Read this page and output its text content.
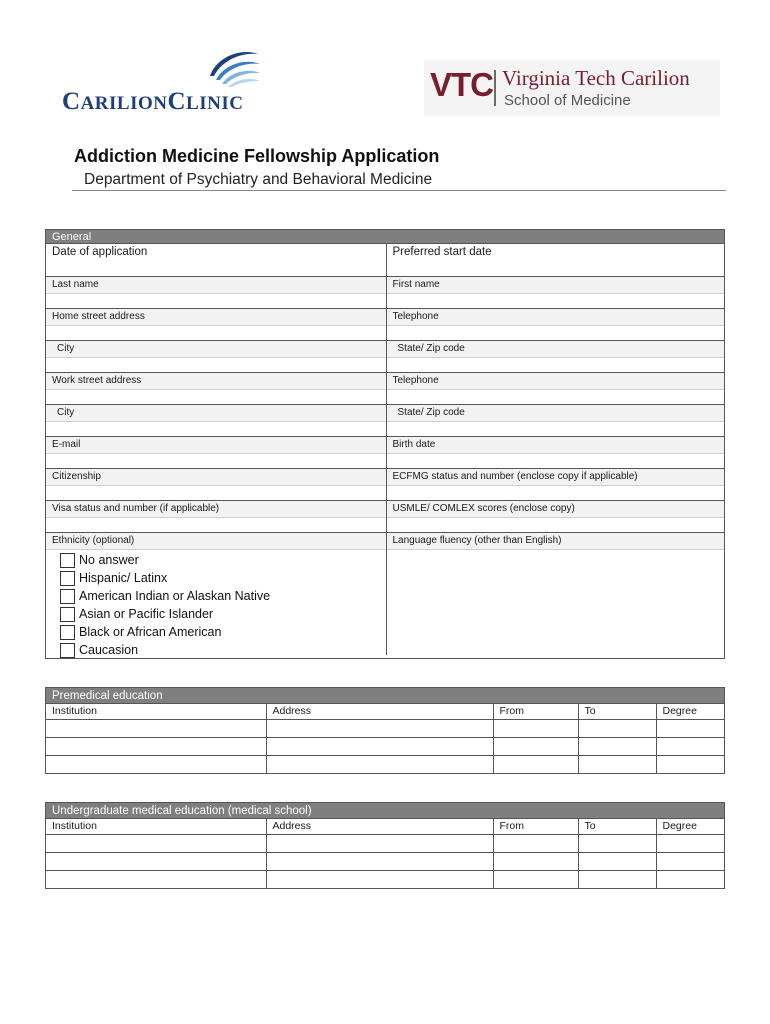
CARILIONCLINIC
VTC Virginia Tech Carilion
School of Medicine
Addiction Medicine Fellowship Application
Department of Psychiatry and Behavioral Medicine
General
Date of application	Preferred start date
Last name	First name
Home street address	Telephone
City	State/ Zip code
Work street address	Telephone
City	State/ Zip code
E-mail	Birth date
Citizenship	ECFMG status and number (enclose copy if applicable)
Visa status and number (if applicable)	USMLE/ COMLEX scores (enclose copy)
Ethnicity (optional)
No answer
Hispanic/ Latinx
American Indian or Alaskan Native
Asian or Pacific Islander
Black or African American
Caucasion
Language fluency (other than English)
Premedical education
Institution	Address	From	To	Degree

Undergraduate medical education (medical school)
Institution	Address	From	To	Degree
